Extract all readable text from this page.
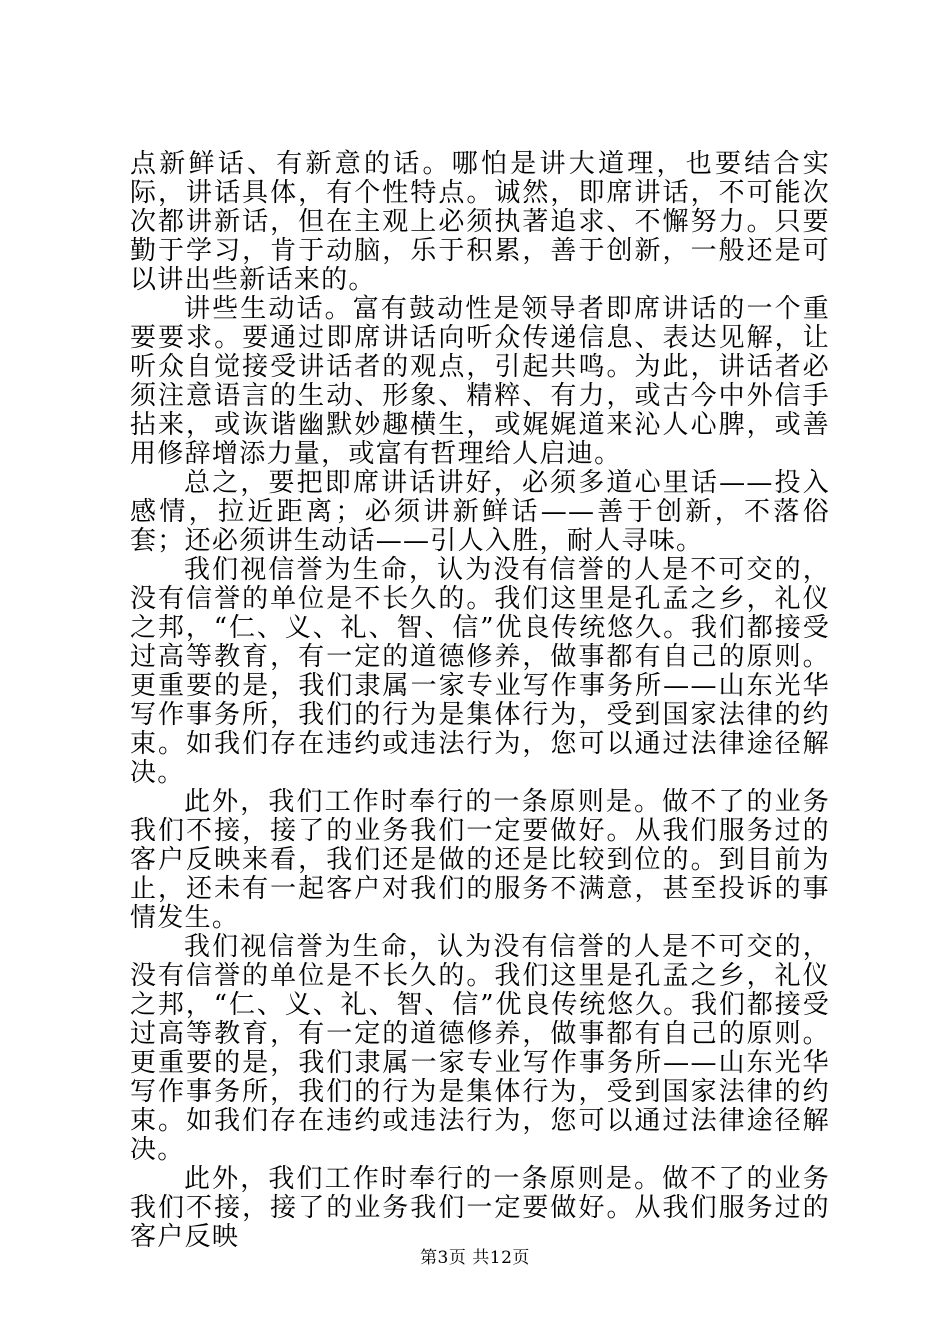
点新鲜话、有新意的话。哪怕是讲大道理，也要结合实际，讲话具体，有个性特点。诚然，即席讲话，不可能次次都讲新话，但在主观上必须执著追求、不懈努力。只要勤于学习，肯于动脑，乐于积累，善于创新，一般还是可以讲出些新话来的。

讲些生动话。富有鼓动性是领导者即席讲话的一个重要要求。要通过即席讲话向听众传递信息、表达见解，让听众自觉接受讲话者的观点，引起共鸣。为此，讲话者必须注意语言的生动、形象、精粹、有力，或古今中外信手拈来，或诙谐幽默妙趣横生，或娓娓道来沁人心脾，或善用修辞增添力量，或富有哲理给人启迪。

总之，要把即席讲话讲好，必须多道心里话——投入感情，拉近距离；必须讲新鲜话——善于创新，不落俗套；还必须讲生动话——引人入胜，耐人寻味。

我们视信誉为生命，认为没有信誉的人是不可交的，没有信誉的单位是不长久的。我们这里是孔孟之乡，礼仪之邦，“仁、义、礼、智、信”优良传统悠久。我们都接受过高等教育，有一定的道德修养，做事都有自己的原则。更重要的是，我们隶属一家专业写作事务所——山东光华写作事务所，我们的行为是集体行为，受到国家法律的约束。如我们存在违约或违法行为，您可以通过法律途径解决。

此外，我们工作时奉行的一条原则是。做不了的业务我们不接，接了的业务我们一定要做好。从我们服务过的客户反映来看，我们还是做的还是比较到位的。到目前为止，还未有一起客户对我们的服务不满意，甚至投诉的事情发生。

我们视信誉为生命，认为没有信誉的人是不可交的，没有信誉的单位是不长久的。我们这里是孔孟之乡，礼仪之邦，“仁、义、礼、智、信”优良传统悠久。我们都接受过高等教育，有一定的道德修养，做事都有自己的原则。更重要的是，我们隶属一家专业写作事务所——山东光华写作事务所，我们的行为是集体行为，受到国家法律的约束。如我们存在违约或违法行为，您可以通过法律途径解决。

此外，我们工作时奉行的一条原则是。做不了的业务我们不接，接了的业务我们一定要做好。从我们服务过的客户反映

第3页 共12页
